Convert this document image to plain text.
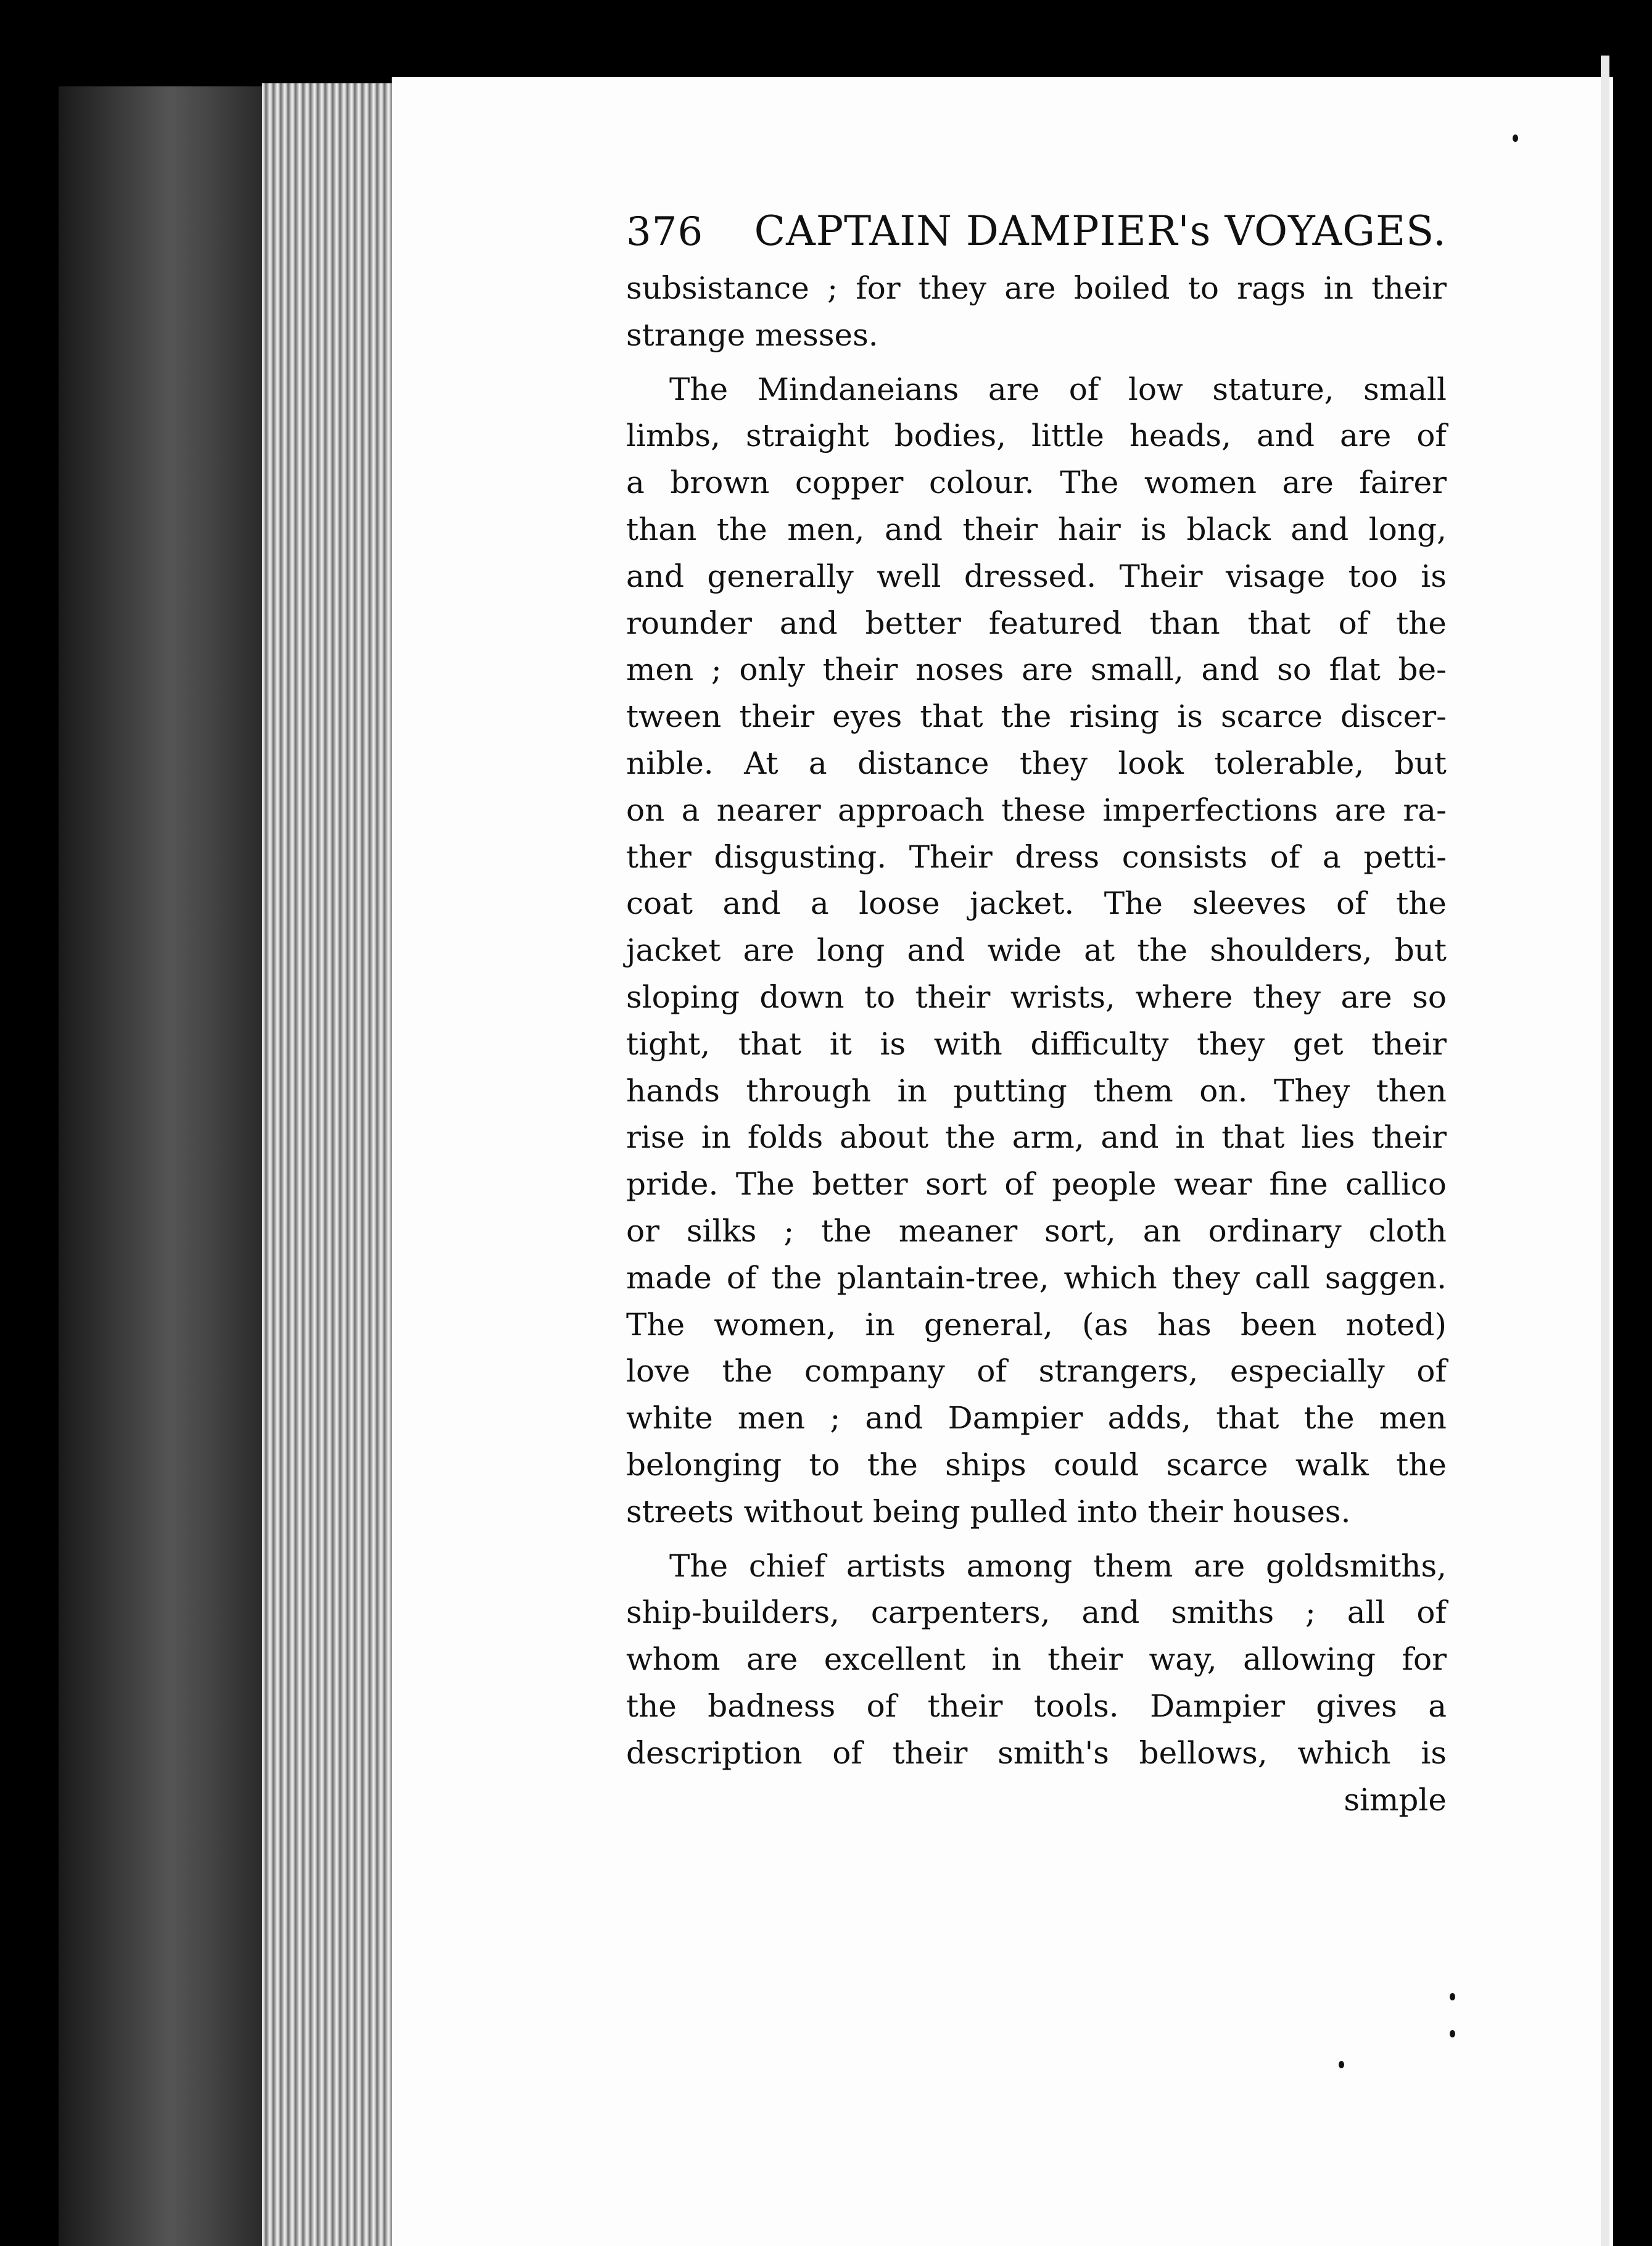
376 CAPTAIN DAMPIER's VOYAGES.
subsistance ; for they are boiled to rags in their
strange messes.
The Mindaneians are of low stature, small
limbs, straight bodies, little heads, and are of
a brown copper colour. The women are fairer
than the men, and their hair is black and long,
and generally well dressed. Their visage too is
rounder and better featured than that of the
men ; only their noses are small, and so flat be-
tween their eyes that the rising is scarce discer-
nible. At a distance they look tolerable, but
on a nearer approach these imperfections are ra-
ther disgusting. Their dress consists of a petti-
coat and a loose jacket. The sleeves of the
jacket are long and wide at the shoulders, but
sloping down to their wrists, where they are so
tight, that it is with difficulty they get their
hands through in putting them on. They then
rise in folds about the arm, and in that lies their
pride. The better sort of people wear fine callico
or silks ; the meaner sort, an ordinary cloth
made of the plantain-tree, which they call saggen.
The women, in general, (as has been noted)
love the company of strangers, especially of
white men ; and Dampier adds, that the men
belonging to the ships could scarce walk the
streets without being pulled into their houses.
The chief artists among them are goldsmiths,
ship-builders, carpenters, and smiths ; all of
whom are excellent in their way, allowing for
the badness of their tools. Dampier gives a
description of their smith's bellows, which is
simple
